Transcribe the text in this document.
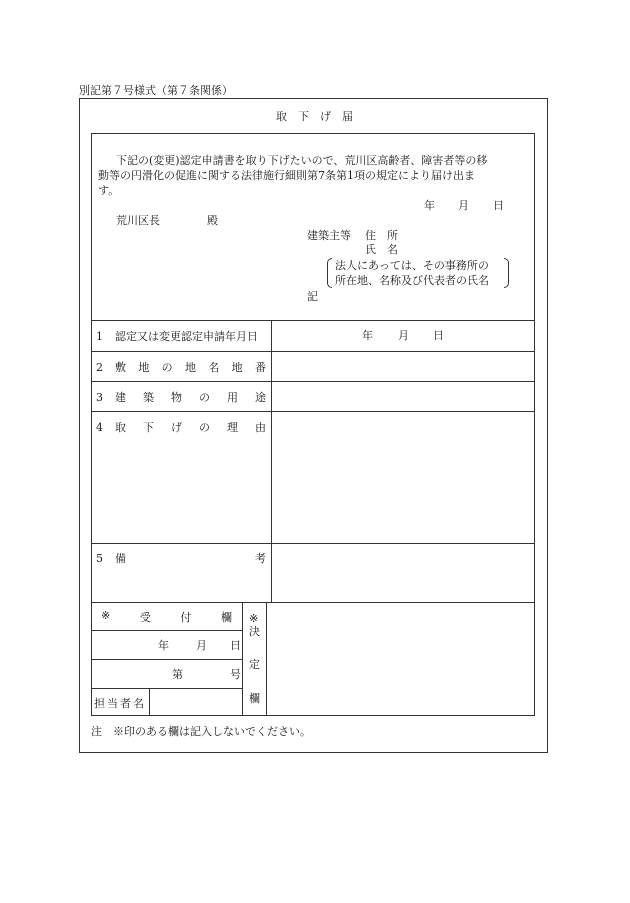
別記第７号様式（第７条関係）
取　下　げ　届
下記の(変更)認定申請書を取り下げたいので、荒川区高齢者、障害者等の移
動等の円滑化の促進に関する法律施行細則第7条第1項の規定により届け出ま
す。
年 月 日
荒川区長	殿
建築主等 住　所
氏　名
法人にあっては、その事務所の
所在地、名称及び代表者の氏名
記
1 認定又は変更認定申請年月日	年 月 日
2 敷 地 の 地 名 地 番
3 建 築 物 の 用 途
4 取 下 げ の 理 由
5 備	考
※	受	付	欄
年 月 日
第	号
担当者名
※
決
定
欄
注　※印のある欄は記入しないでください。
